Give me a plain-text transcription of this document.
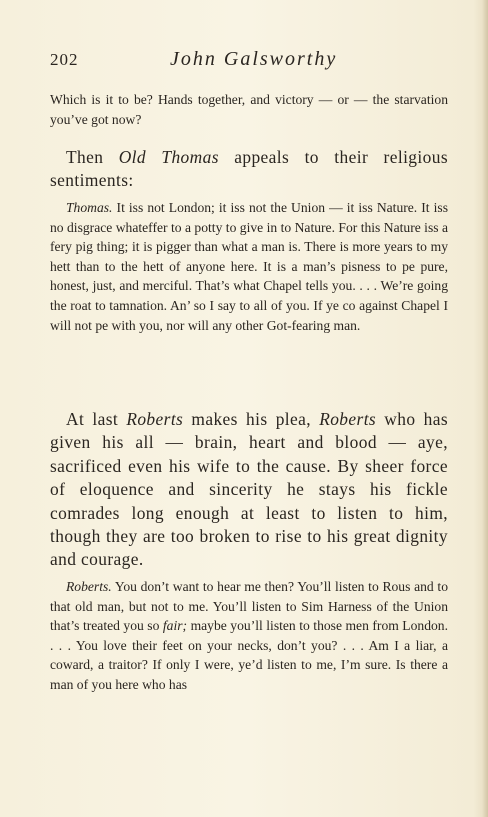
202	John Galsworthy

Which is it to be? Hands together, and victory — or — the starvation you’ve got now?

Then Old Thomas appeals to their religious sentiments:

Thomas. It iss not London; it iss not the Union — it iss Nature. It iss no disgrace whateffer to a potty to give in to Nature. For this Nature iss a fery pig thing; it is pigger than what a man is. There is more years to my hett than to the hett of anyone here. It is a man’s pisness to pe pure, honest, just, and merciful. That’s what Chapel tells you. . . . We’re going the roat to tamnation. An’ so I say to all of you. If ye co against Chapel I will not pe with you, nor will any other Got-fearing man.

At last Roberts makes his plea, Roberts who has given his all — brain, heart and blood — aye, sacrificed even his wife to the cause. By sheer force of eloquence and sincerity he stays his fickle comrades long enough at least to listen to him, though they are too broken to rise to his great dignity and courage.

Roberts. You don’t want to hear me then? You’ll listen to Rous and to that old man, but not to me. You’ll listen to Sim Harness of the Union that’s treated you so fair; maybe you’ll listen to those men from London. . . . You love their feet on your necks, don’t you? . . . Am I a liar, a coward, a traitor? If only I were, ye’d listen to me, I’m sure. Is there a man of you here who has
